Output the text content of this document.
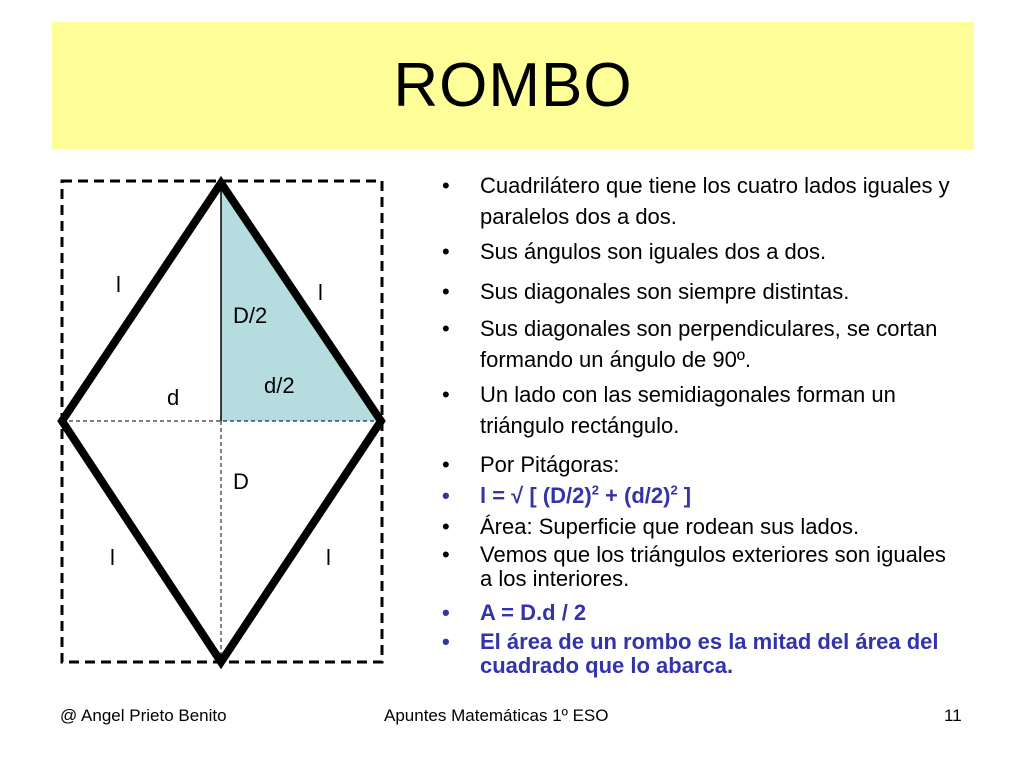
ROMBO
l	l
l	l
D/2
d/2
d
D
• Cuadrilátero que tiene los cuatro lados iguales y paralelos dos a dos.
• Sus ángulos son iguales dos a dos.
• Sus diagonales son siempre distintas.
• Sus diagonales son perpendiculares, se cortan formando un ángulo de 90º.
• Un lado con las semidiagonales forman un triángulo rectángulo.
• Por Pitágoras:
• l = √ [ $(D/2)^2 + (d/2)^2$ ]
• Área: Superficie que rodean sus lados.
• Vemos que los triángulos exteriores son iguales a los interiores.
• A = D.d / 2
• El área de un rombo es la mitad del área del cuadrado que lo abarca.
@ Angel Prieto Benito	Apuntes Matemáticas 1º ESO	11
